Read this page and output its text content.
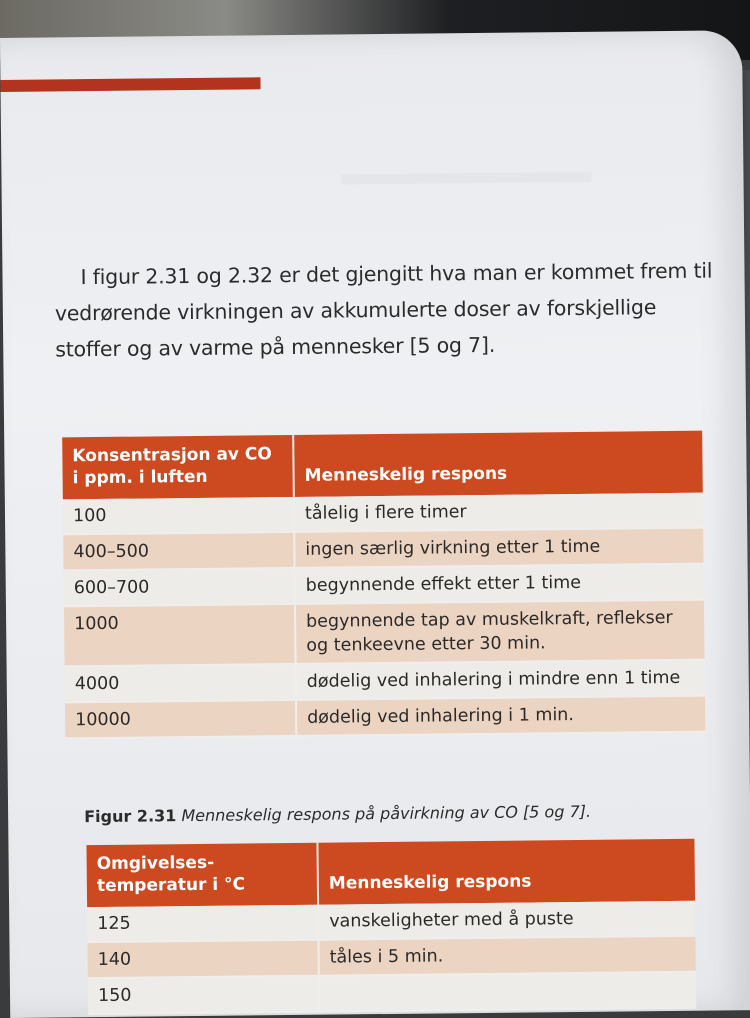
I figur 2.31 og 2.32 er det gjengitt hva man er kommet frem til vedrørende virkningen av akkumulerte doser av forskjellige stoffer og av varme på mennesker [5 og 7].

Konsentrasjon av CO i ppm. i luften	Menneskelig respons
100	tålelig i flere timer
400–500	ingen særlig virkning etter 1 time
600–700	begynnende effekt etter 1 time
1000	begynnende tap av muskelkraft, reflekser og tenkeevne etter 30 min.
4000	dødelig ved inhalering i mindre enn 1 time
10000	dødelig ved inhalering i 1 min.

Figur 2.31 Menneskelig respons på påvirkning av CO [5 og 7].

Omgivelses-temperatur i °C	Menneskelig respons
125	vanskeligheter med å puste
140	tåles i 5 min.
150	
